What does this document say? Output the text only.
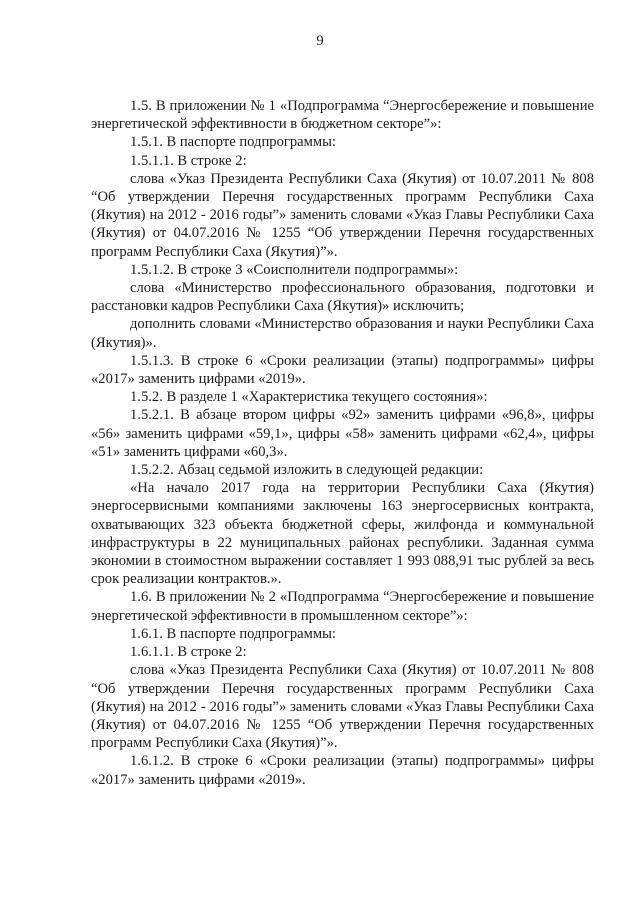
9

1.5. В приложении № 1 «Подпрограмма “Энергосбережение и повышение энергетической эффективности в бюджетном секторе”»:

1.5.1. В паспорте подпрограммы:

1.5.1.1. В строке 2:

слова «Указ Президента Республики Саха (Якутия) от 10.07.2011 № 808 “Об утверждении Перечня государственных программ Республики Саха (Якутия) на 2012 - 2016 годы”» заменить словами «Указ Главы Республики Саха (Якутия) от 04.07.2016 № 1255 “Об утверждении Перечня государственных программ Республики Саха (Якутия)”».

1.5.1.2. В строке 3 «Соисполнители подпрограммы»:

слова «Министерство профессионального образования, подготовки и расстановки кадров Республики Саха (Якутия)» исключить;

дополнить словами «Министерство образования и науки Республики Саха (Якутия)».

1.5.1.3. В строке 6 «Сроки реализации (этапы) подпрограммы» цифры «2017» заменить цифрами «2019».

1.5.2. В разделе 1 «Характеристика текущего состояния»:

1.5.2.1. В абзаце втором цифры «92» заменить цифрами «96,8», цифры «56» заменить цифрами «59,1», цифры «58» заменить цифрами «62,4», цифры «51» заменить цифрами «60,3».

1.5.2.2. Абзац седьмой изложить в следующей редакции:

«На начало 2017 года на территории Республики Саха (Якутия) энергосервисными компаниями заключены 163 энергосервисных контракта, охватывающих 323 объекта бюджетной сферы, жилфонда и коммунальной инфраструктуры в 22 муниципальных районах республики. Заданная сумма экономии в стоимостном выражении составляет 1 993 088,91 тыс рублей за весь срок реализации контрактов.».

1.6. В приложении № 2 «Подпрограмма “Энергосбережение и повышение энергетической эффективности в промышленном секторе”»:

1.6.1. В паспорте подпрограммы:

1.6.1.1. В строке 2:

слова «Указ Президента Республики Саха (Якутия) от 10.07.2011 № 808 “Об утверждении Перечня государственных программ Республики Саха (Якутия) на 2012 - 2016 годы”» заменить словами «Указ Главы Республики Саха (Якутия) от 04.07.2016 № 1255 “Об утверждении Перечня государственных программ Республики Саха (Якутия)”».

1.6.1.2. В строке 6 «Сроки реализации (этапы) подпрограммы» цифры «2017» заменить цифрами «2019».
